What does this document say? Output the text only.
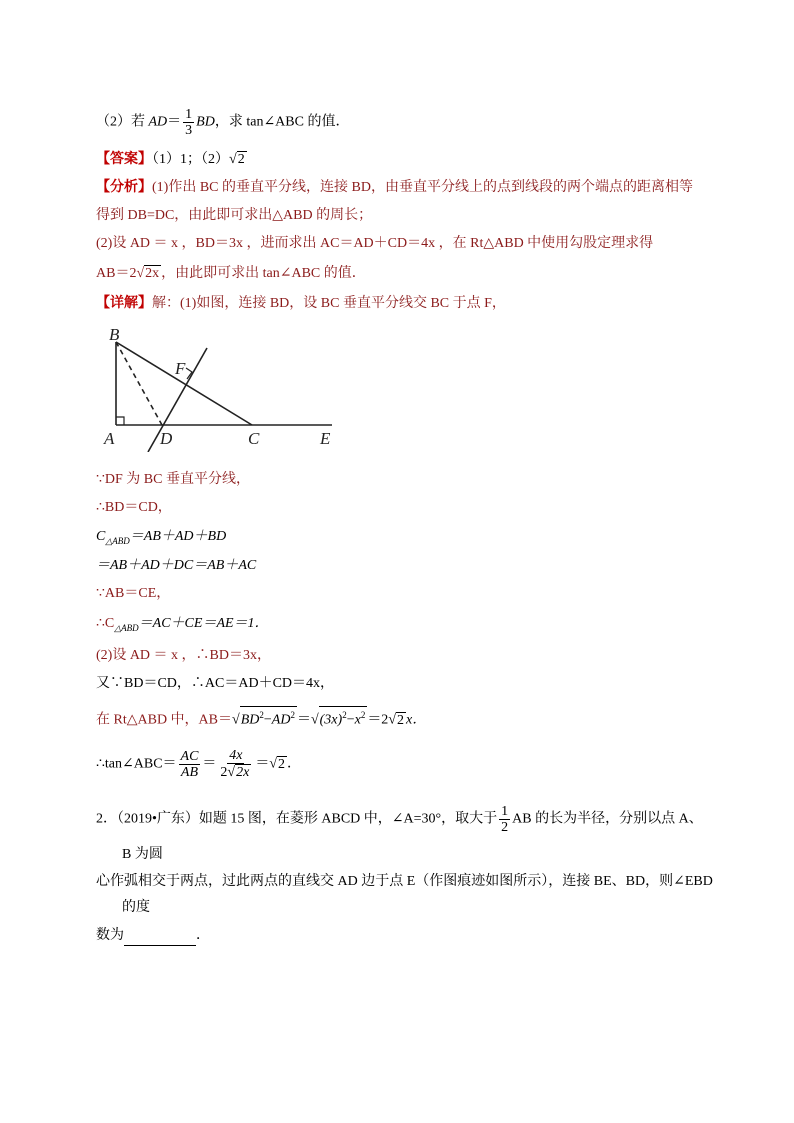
（2）若 $AD= \frac{1}{3}$ BD，求 tan∠ABC 的值．
【答案】（1）1；（2）√2
【分析】(1)作出 BC 的垂直平分线，连接 BD，由垂直平分线上的点到线段的两个端点的距离相等
得到 DB=DC，由此即可求出△ABD 的周长；
(2)设 AD ＝ x ，BD＝3x ，进而求出 AC＝AD＋CD＝4x ，在 Rt△ABD 中使用勾股定理求得
AB＝2√2x ，由此即可求出 tan∠ABC 的值．
【详解】解：(1)如图，连接 BD，设 BC 垂直平分线交 BC 于点 F，
B
F
A	D	C	E
∵DF 为 BC 垂直平分线，
∴BD＝CD，
$C_{\triangle ABD}=AB+AD+BD$
＝AB＋AD＋DC＝AB＋AC
∵AB＝CE，
$\therefore C_{\triangle ABD}=AC+CE=AE=1$．
(2)设 AD ＝ x ，∴BD＝3x，
又∵BD＝CD，∴AC＝AD＋CD＝4x，
在 Rt△ABD 中，$AB=√BD^2-AD^2 =√(3x)^2-x^2 =2√2$ x．
∴tan∠ABC＝ $\frac{AC}{AB} = \frac{4x}{2√2x} =√2$ ．
2．（2019•广东）如题 15 图，在菱形 ABCD 中，∠A=30°，取大于 $\frac{1}{2}$ AB 的长为半径，分别以点 A、
B 为圆
心作弧相交于两点，过此两点的直线交 AD 边于点 E（作图痕迹如图所示），连接 BE、BD，则∠EBD
的度
数为	．
